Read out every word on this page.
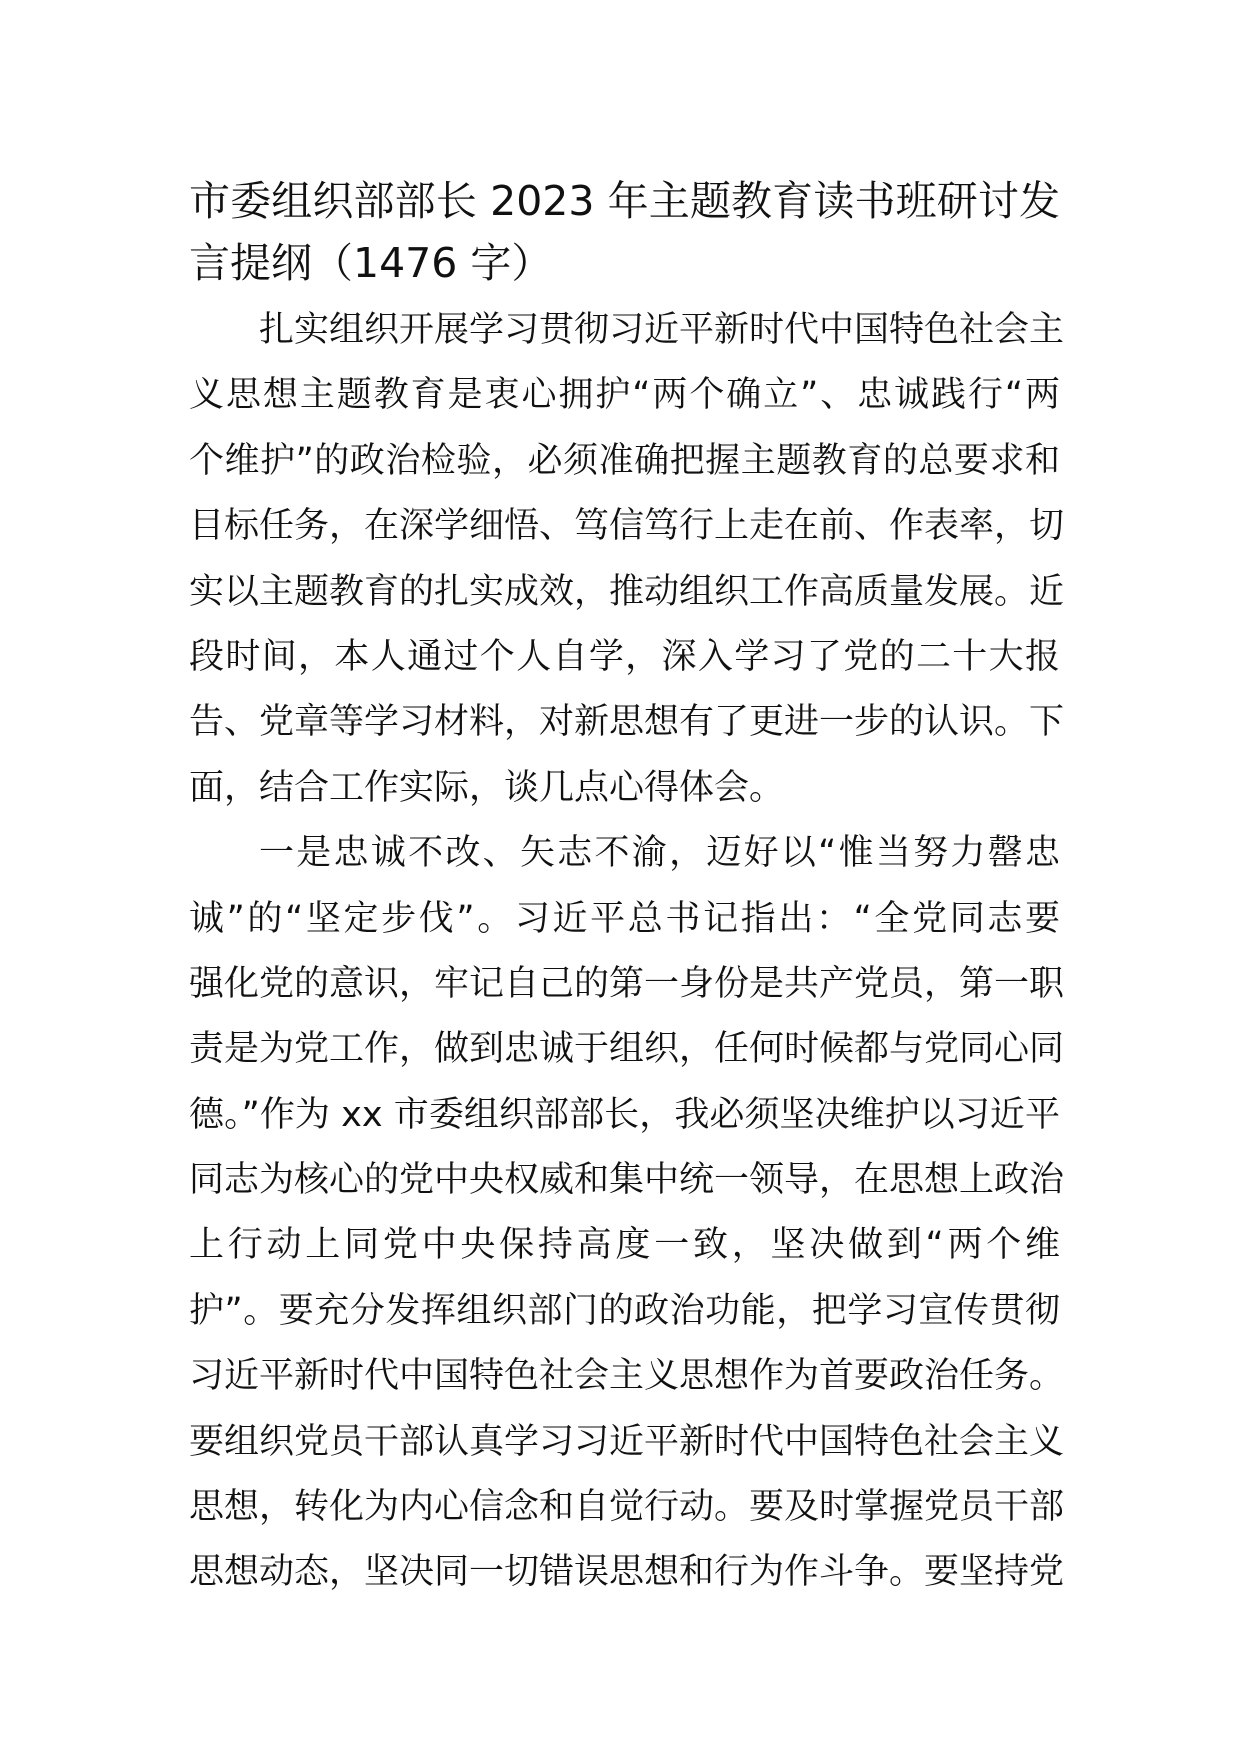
市委组织部部长 2023 年主题教育读书班研讨发
言提纲（1476 字）
扎实组织开展学习贯彻习近平新时代中国特色社会主
义思想主题教育是衷心拥护“两个确立”、忠诚践行“两
个维护”的政治检验，必须准确把握主题教育的总要求和
目标任务，在深学细悟、笃信笃行上走在前、作表率，切
实以主题教育的扎实成效，推动组织工作高质量发展。近
段时间，本人通过个人自学，深入学习了党的二十大报
告、党章等学习材料，对新思想有了更进一步的认识。下
面，结合工作实际，谈几点心得体会。
一是忠诚不改、矢志不渝，迈好以“惟当努力罄忠
诚”的“坚定步伐”。习近平总书记指出：“全党同志要
强化党的意识，牢记自己的第一身份是共产党员，第一职
责是为党工作，做到忠诚于组织，任何时候都与党同心同
德。”作为 xx 市委组织部部长，我必须坚决维护以习近平
同志为核心的党中央权威和集中统一领导，在思想上政治
上行动上同党中央保持高度一致，坚决做到“两个维
护”。要充分发挥组织部门的政治功能，把学习宣传贯彻
习近平新时代中国特色社会主义思想作为首要政治任务。
要组织党员干部认真学习习近平新时代中国特色社会主义
思想，转化为内心信念和自觉行动。要及时掌握党员干部
思想动态，坚决同一切错误思想和行为作斗争。要坚持党
